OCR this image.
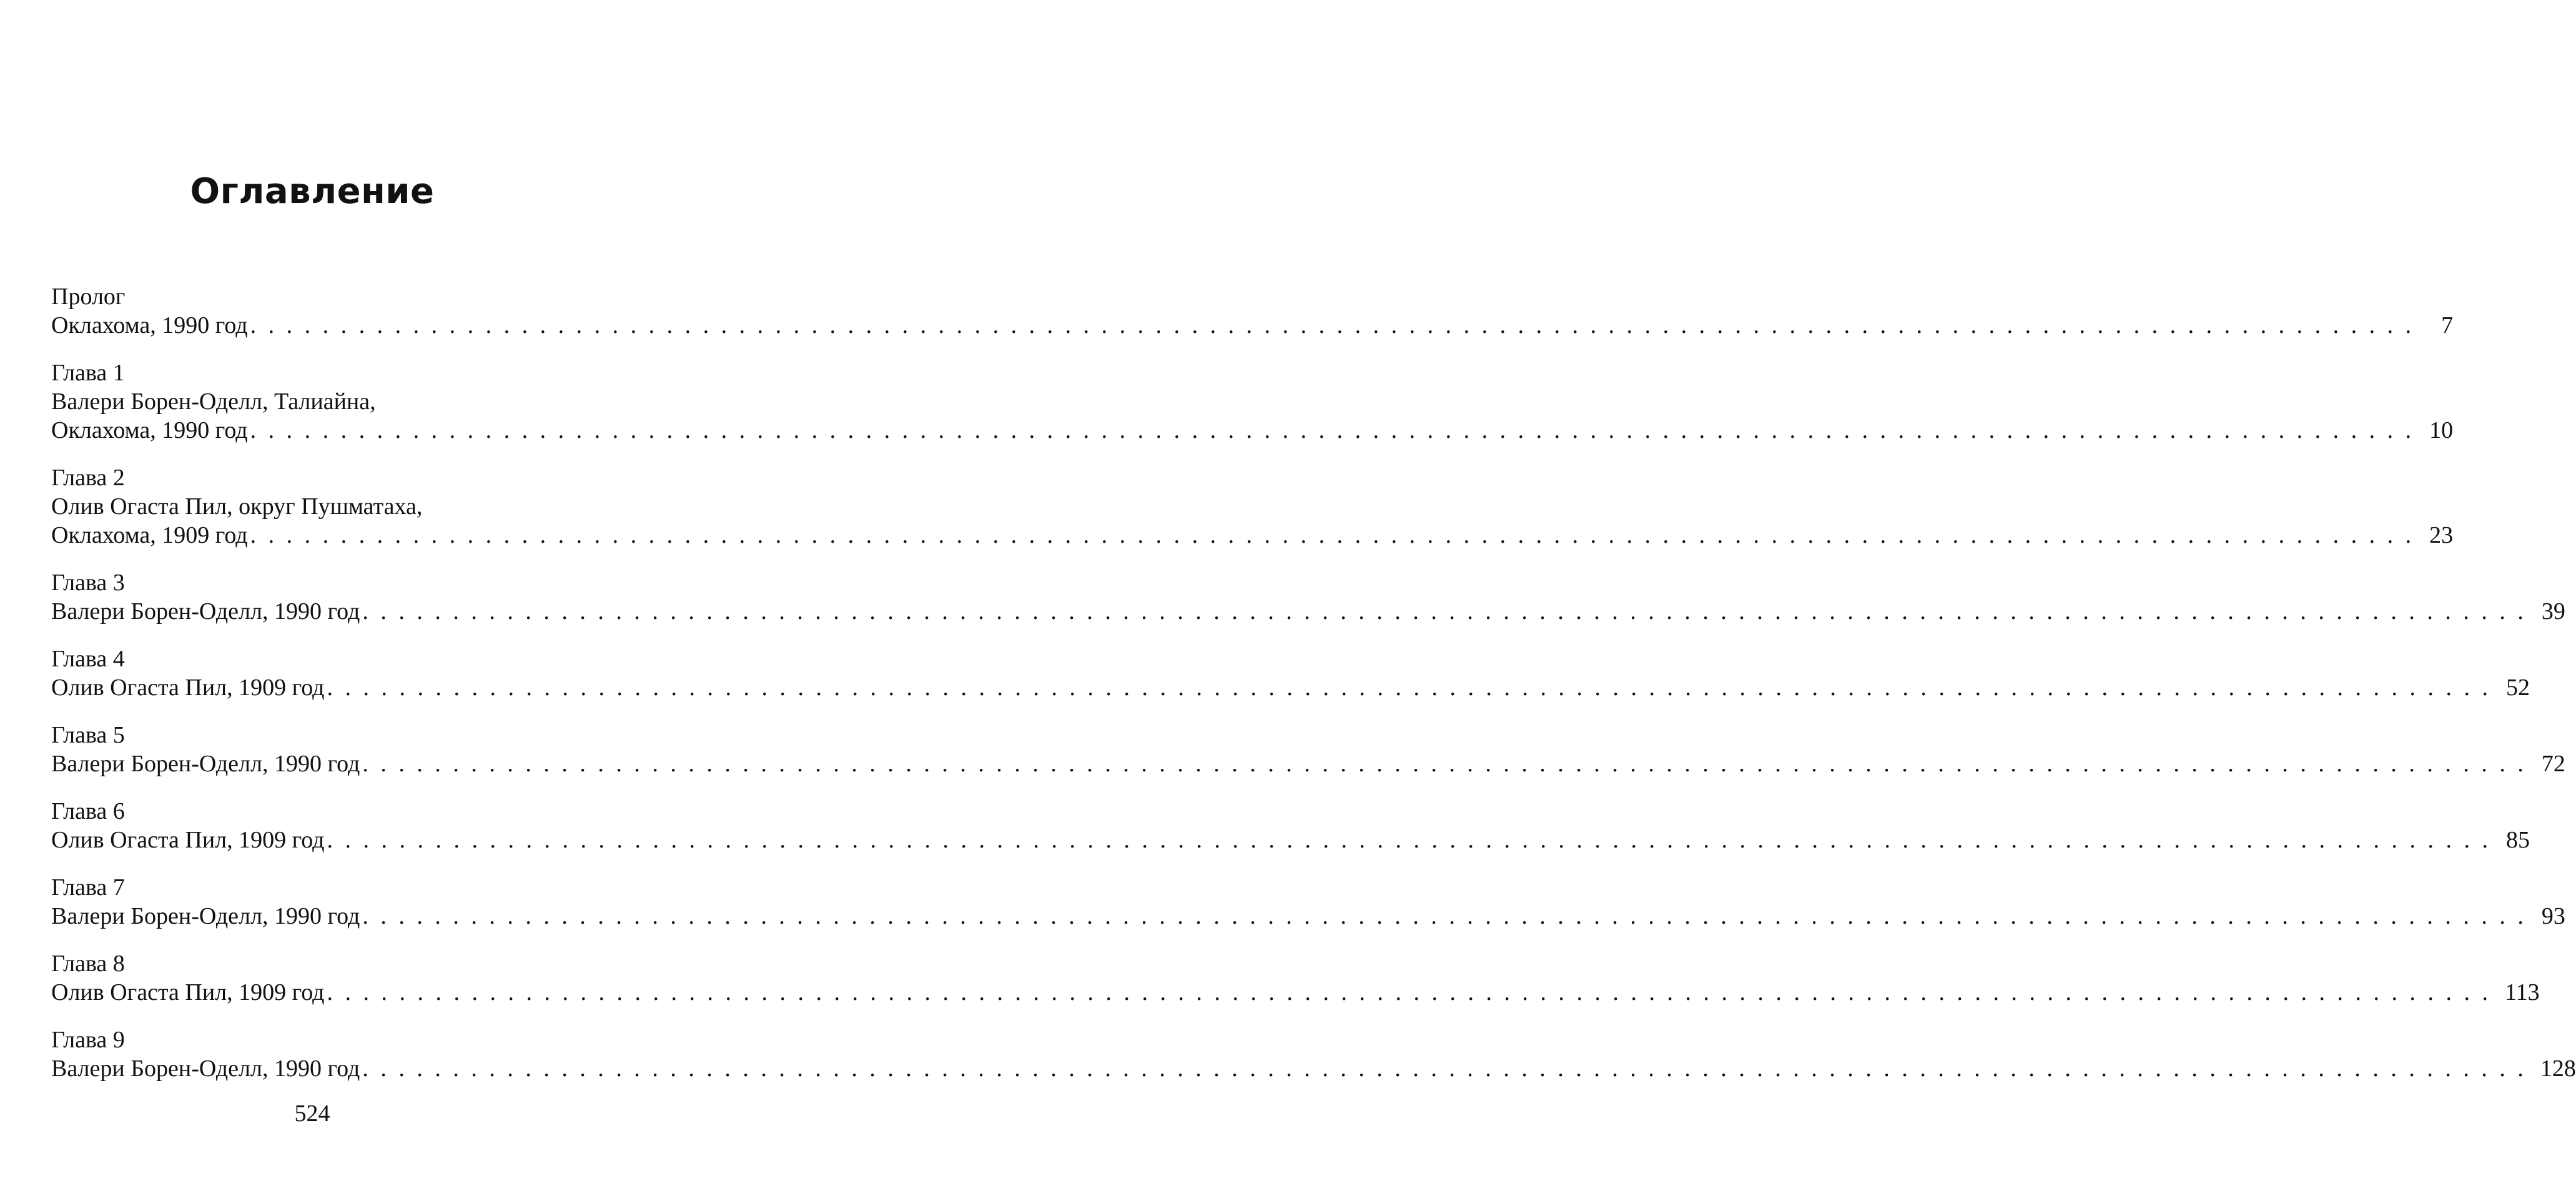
Оглавление
Пролог
Оклахома, 1990 год . . . . . . . . . . . . . . . . . . . . . . . . . . . . . . . . . . . . . . . . . . . . . . . . . . . . . . . . . . . . . . . . . . . . . . . . . . . . . . . . . . . . . . . . . . . . . . . . . . . . . . . . . . . . . . . . . . . . . . . .	7
Глава 1
Валери Борен-Оделл, Талиайна,
Оклахома, 1990 год . . . . . . . . . . . . . . . . . . . . . . . . . . . . . . . . . . . . . . . . . . . . . . . . . . . . . . . . . . . . . . . . . . . . . . . . . . . . . . . . . . . . . . . . . . . . . . . . . . . . . . . . . . . . . . . . . . . . . . . . 10
Глава 2
Олив Огаста Пил, округ Пушматаха,
Оклахома, 1909 год . . . . . . . . . . . . . . . . . . . . . . . . . . . . . . . . . . . . . . . . . . . . . . . . . . . . . . . . . . . . . . . . . . . . . . . . . . . . . . . . . . . . . . . . . . . . . . . . . . . . . . . . . . . . . . . . . . . . . . . . 23
Глава 3
Валери Борен-Оделл, 1990 год . . . . . . . . . . . . . . . . . . . . . . . . . . . . . . . . . . . . . . . . . . . . . . . . . . . . . . . . . . . . . . . . . . . . . . . . . . . . . . . . . . . . . . . . . . . . . . . . . . . . . . . . . . . . . . . . . . . . . . . . 39
Глава 4
Олив Огаста Пил, 1909 год . . . . . . . . . . . . . . . . . . . . . . . . . . . . . . . . . . . . . . . . . . . . . . . . . . . . . . . . . . . . . . . . . . . . . . . . . . . . . . . . . . . . . . . . . . . . . . . . . . . . . . . . . . . . . . . . . . . . . . . . 52
Глава 5
Валери Борен-Оделл, 1990 год . . . . . . . . . . . . . . . . . . . . . . . . . . . . . . . . . . . . . . . . . . . . . . . . . . . . . . . . . . . . . . . . . . . . . . . . . . . . . . . . . . . . . . . . . . . . . . . . . . . . . . . . . . . . . . . . . . . . . . . . 72
Глава 6
Олив Огаста Пил, 1909 год . . . . . . . . . . . . . . . . . . . . . . . . . . . . . . . . . . . . . . . . . . . . . . . . . . . . . . . . . . . . . . . . . . . . . . . . . . . . . . . . . . . . . . . . . . . . . . . . . . . . . . . . . . . . . . . . . . . . . . . . 85
Глава 7
Валери Борен-Оделл, 1990 год . . . . . . . . . . . . . . . . . . . . . . . . . . . . . . . . . . . . . . . . . . . . . . . . . . . . . . . . . . . . . . . . . . . . . . . . . . . . . . . . . . . . . . . . . . . . . . . . . . . . . . . . . . . . . . . . . . . . . . . . 93
Глава 8
Олив Огаста Пил, 1909 год . . . . . . . . . . . . . . . . . . . . . . . . . . . . . . . . . . . . . . . . . . . . . . . . . . . . . . . . . . . . . . . . . . . . . . . . . . . . . . . . . . . . . . . . . . . . . . . . . . . . . . . . . . . . . . . . . . . . . . . . 113
Глава 9
Валери Борен-Оделл, 1990 год . . . . . . . . . . . . . . . . . . . . . . . . . . . . . . . . . . . . . . . . . . . . . . . . . . . . . . . . . . . . . . . . . . . . . . . . . . . . . . . . . . . . . . . . . . . . . . . . . . . . . . . . . . . . . . . . . . . . . . . . 128
524
